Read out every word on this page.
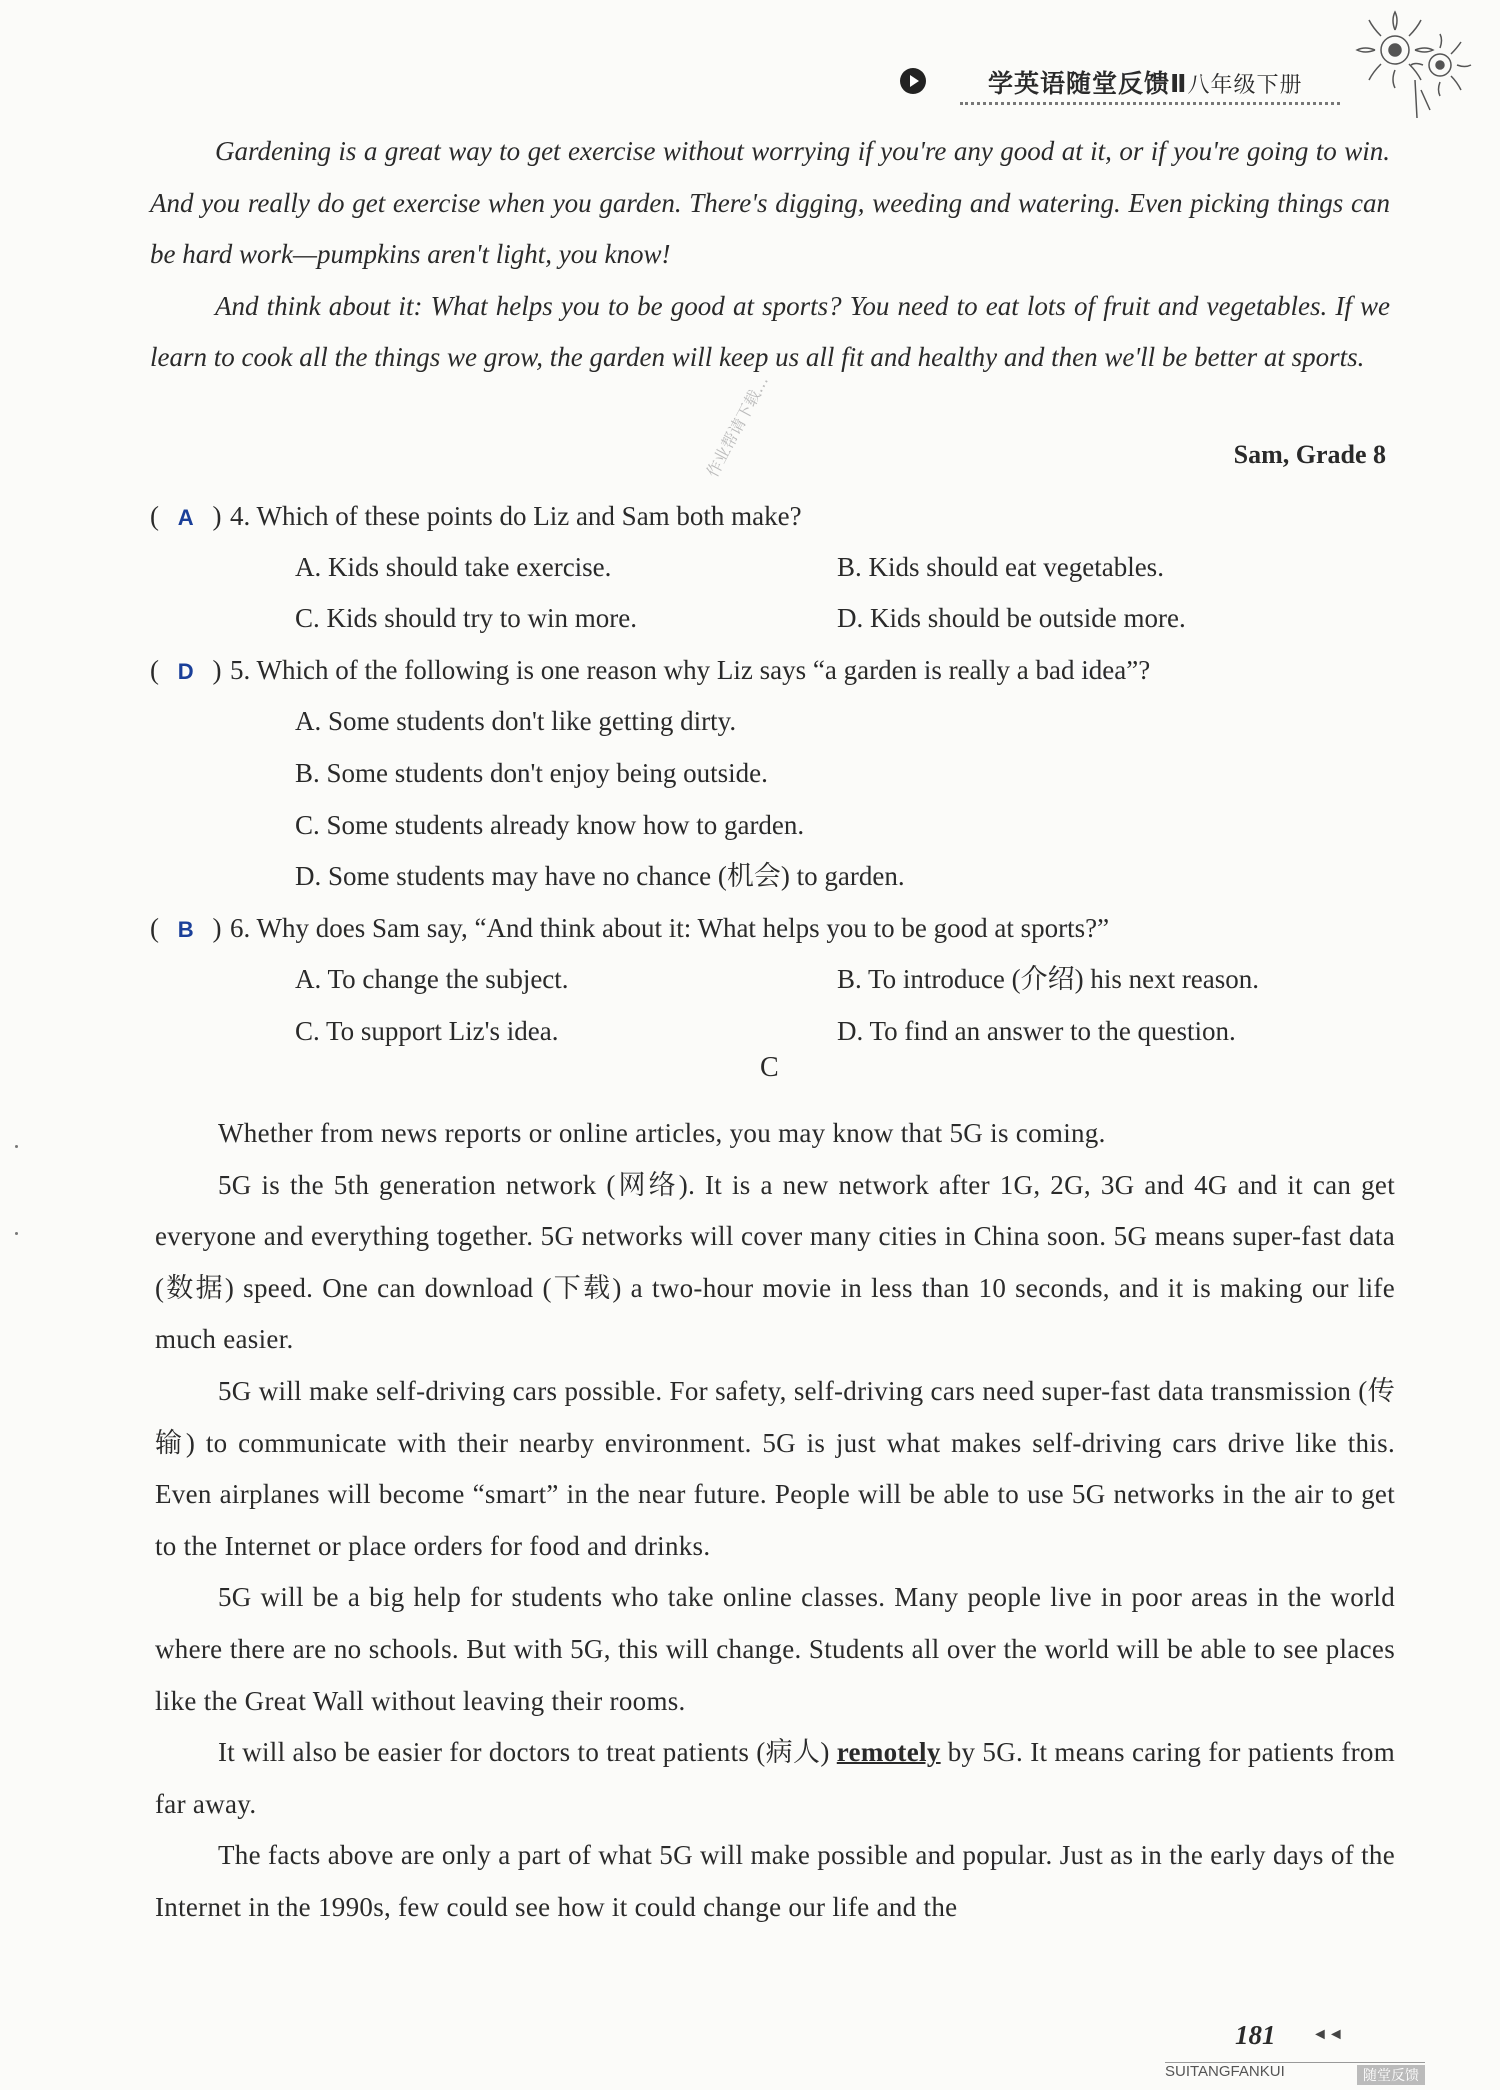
学英语随堂反馈Ⅱ八年级下册

Gardening is a great way to get exercise without worrying if you're any good at it, or if you're going to win. And you really do get exercise when you garden. There's digging, weeding and watering. Even picking things can be hard work—pumpkins aren't light, you know!

And think about it: What helps you to be good at sports? You need to eat lots of fruit and vegetables. If we learn to cook all the things we grow, the garden will keep us all fit and healthy and then we'll be better at sports.

Sam, Grade 8
作业帮请下载…
( A ) 4. Which of these points do Liz and Sam both make?
A. Kids should take exercise.	B. Kids should eat vegetables.
C. Kids should try to win more.	D. Kids should be outside more.
( D ) 5. Which of the following is one reason why Liz says “a garden is really a bad idea”?
A. Some students don't like getting dirty.
B. Some students don't enjoy being outside.
C. Some students already know how to garden.
D. Some students may have no chance (机会) to garden.
( B ) 6. Why does Sam say, “And think about it: What helps you to be good at sports?”
A. To change the subject.	B. To introduce (介绍) his next reason.
C. To support Liz's idea.	D. To find an answer to the question.
C

Whether from news reports or online articles, you may know that 5G is coming.

5G is the 5th generation network (网络). It is a new network after 1G, 2G, 3G and 4G and it can get everyone and everything together. 5G networks will cover many cities in China soon. 5G means super-fast data (数据) speed. One can download (下载) a two-hour movie in less than 10 seconds, and it is making our life much easier.

5G will make self-driving cars possible. For safety, self-driving cars need super-fast data transmission (传输) to communicate with their nearby environment. 5G is just what makes self-driving cars drive like this. Even airplanes will become “smart” in the near future. People will be able to use 5G networks in the air to get to the Internet or place orders for food and drinks.

5G will be a big help for students who take online classes. Many people live in poor areas in the world where there are no schools. But with 5G, this will change. Students all over the world will be able to see places like the Great Wall without leaving their rooms.

It will also be easier for doctors to treat patients (病人) remotely by 5G. It means caring for patients from far away.

The facts above are only a part of what 5G will make possible and popular. Just as in the early days of the Internet in the 1990s, few could see how it could change our life and the

181 ◄◄
SUITANGFANKUI	随堂反馈
